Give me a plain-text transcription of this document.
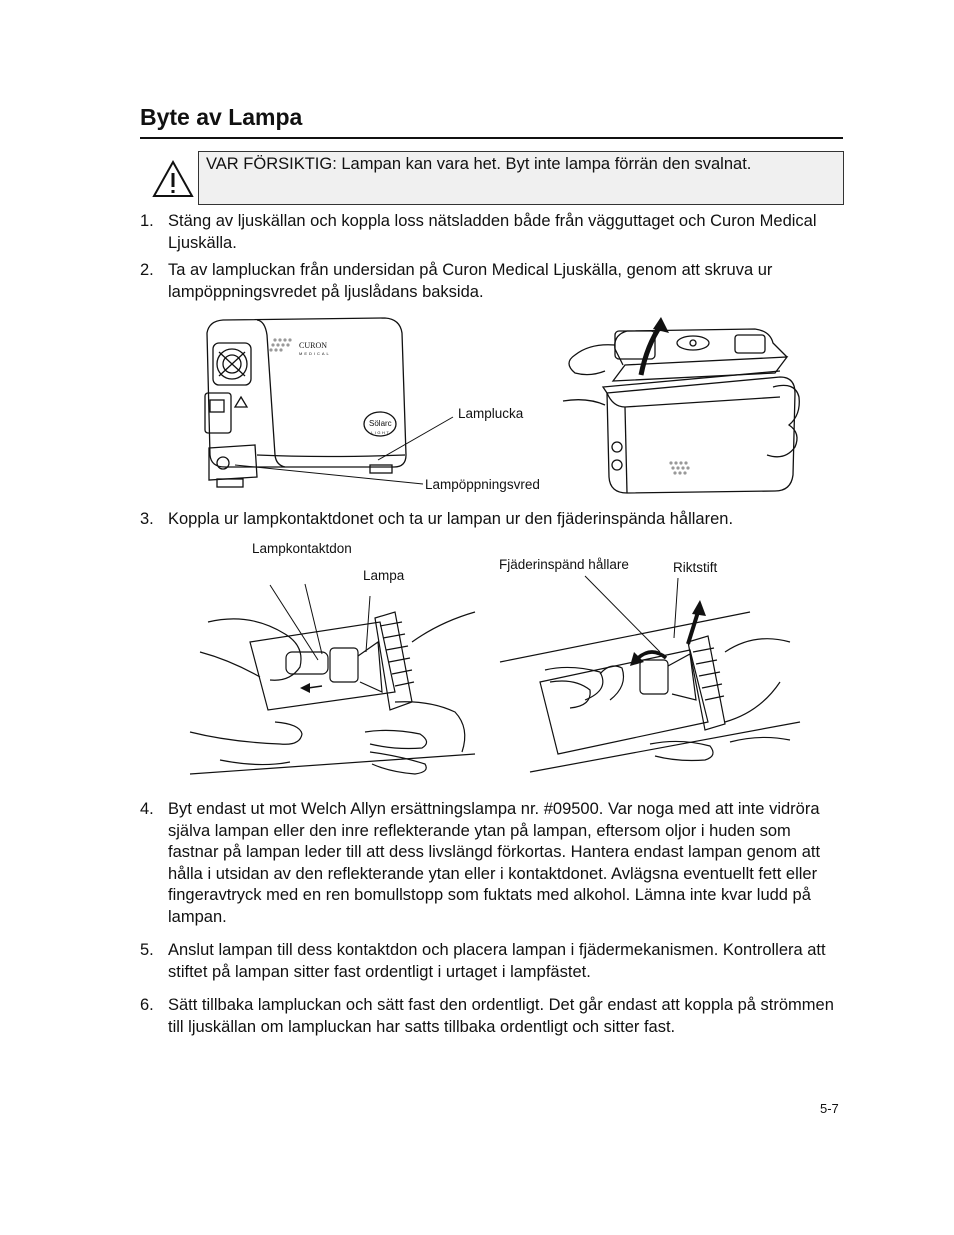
Byte av Lampa
VAR FÖRSIKTIG: Lampan kan vara het. Byt inte lampa förrän den svalnat.
1. Stäng av ljuskällan och koppla loss nätsladden både från vägguttaget och Curon Medical Ljuskälla.
2. Ta av lampluckan från undersidan på Curon Medical Ljuskälla, genom att skruva ur lampöppningsvredet på ljuslådans baksida.
CURON
MEDICAL
Sölarc
LIGHT
Lamplucka
Lampöppningsvred
3. Koppla ur lampkontaktdonet och ta ur lampan ur den fjäderinspända hållaren.
Lampkontaktdon
Lampa
Fjäderinspänd hållare	Riktstift
4. Byt endast ut mot Welch Allyn ersättningslampa nr. #09500. Var noga med att inte vidröra själva lampan eller den inre reflekterande ytan på lampan, eftersom oljor i huden som fastnar på lampan leder till att dess livslängd förkortas. Hantera endast lampan genom att hålla i utsidan av den reflekterande ytan eller i kontaktdonet. Avlägsna eventuellt fett eller fingeravtryck med en ren bomullstopp som fuktats med alkohol. Lämna inte kvar ludd på lampan.
5. Anslut lampan till dess kontaktdon och placera lampan i fjädermekanismen. Kontrollera att stiftet på lampan sitter fast ordentligt i urtaget i lampfästet.
6. Sätt tillbaka lampluckan och sätt fast den ordentligt. Det går endast att koppla på strömmen till ljuskällan om lampluckan har satts tillbaka ordentligt och sitter fast.
5-7
